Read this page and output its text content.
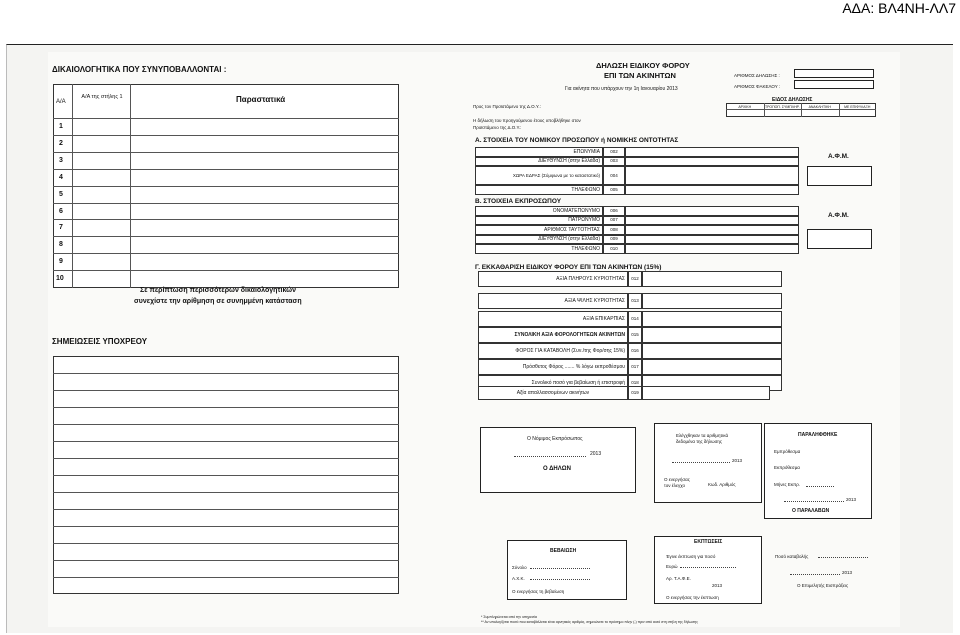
ΑΔΑ: ΒΛ4ΝΗ-ΛΛ7
ΔΙΚΑΙΟΛΟΓΗΤΙΚΑ ΠΟΥ ΣΥΝΥΠΟΒΑΛΛΟΝΤΑΙ :
Α/Α
Α/Α της στήλης 1	Παραστατικά
1
2
3
4
5
6
7
8
9
10
Σε περίπτωση περισσότερων δικαιολογητικών
συνεχίστε την αρίθμηση σε συνημμένη κατάσταση
ΣΗΜΕΙΩΣΕΙΣ ΥΠΟΧΡΕΟΥ
ΔΗΛΩΣΗ ΕΙΔΙΚΟΥ ΦΟΡΟΥ
ΕΠΙ ΤΩΝ ΑΚΙΝΗΤΩΝ
Για ακίνητα που υπάρχουν την 1η Ιανουαρίου 2013
ΑΡΙΘΜΟΣ ΔΗΛΩΣΗΣ :
ΑΡΙΘΜΟΣ ΦΑΚΕΛΟΥ :
Προς τον Προϊστάμενο της Δ.Ο.Υ.:
Η δήλωση του προηγούμενου έτους υποβλήθηκε στον
Προϊστάμενο της Δ.Ο.Υ.:
ΕΙΔΟΣ ΔΗΛΩΣΗΣ
ΑΡΧΙΚΗ	ΤΡΟΠΟΠ. ΣΥΜΠΛΗΡ.	ΑΝΑΚΛΗΤΙΚΗ	ΜΕ ΕΠΙΦΥΛΑΞΗ
Α. ΣΤΟΙΧΕΙΑ ΤΟΥ ΝΟΜΙΚΟΥ ΠΡΟΣΩΠΟΥ ή ΝΟΜΙΚΗΣ ΟΝΤΟΤΗΤΑΣ
ΕΠΩΝΥΜΙΑ	002
ΔΙΕΥΘΥΝΣΗ (στην Ελλάδα)	003
ΧΩΡΑ ΕΔΡΑΣ (Σύμφωνα με το καταστατικό)	004
ΤΗΛΕΦΩΝΟ	005
Α.Φ.Μ.
Β. ΣΤΟΙΧΕΙΑ ΕΚΠΡΟΣΩΠΟΥ
ΟΝΟΜΑΤΕΠΩΝΥΜΟ	006
ΠΑΤΡΩΝΥΜΟ	007
ΑΡΙΘΜΟΣ ΤΑΥΤΟΤΗΤΑΣ	008
ΔΙΕΥΘΥΝΣΗ (στην Ελλάδα)	009
ΤΗΛΕΦΩΝΟ	010
Α.Φ.Μ.
Γ. ΕΚΚΑΘΑΡΙΣΗ ΕΙΔΙΚΟΥ ΦΟΡΟΥ ΕΠΙ ΤΩΝ ΑΚΙΝΗΤΩΝ (15%)
ΑΞΙΑ ΠΛΗΡΟΥΣ ΚΥΡΙΟΤΗΤΑΣ	012
ΑΞΙΑ ΨΙΛΗΣ ΚΥΡΙΟΤΗΤΑΣ	013
ΑΞΙΑ ΕΠΙΚΑΡΠΙΑΣ	014
ΣΥΝΟΛΙΚΗ ΑΞΙΑ ΦΟΡΟΛΟΓΗΤΕΩΝ ΑΚΙΝΗΤΩΝ	015
ΦΟΡΟΣ ΓΙΑ ΚΑΤΑΒΟΛΗ (Συν./της Φορ/σης 15%)	016
Πρόσθετος Φόρος ....... % λόγω εκπροθέσμου	017
Συνολικό ποσό για βεβαίωση ή επιστροφή	018
Αξία απαλλασσομένων ακινήτων	019
Ο Νόμιμος Εκπρόσωπος
2013
Ο ΔΗΛΩΝ
Ελέγχθηκαν τα αριθμητικά
δεδομένα της δήλωσης
2013
Ο ενεργήσας
τον έλεγχο	Κωδ. Αριθμός
ΠΑΡΑΛΗΦΘΗΚΕ
Εμπρόθεσμα
Εκπρόθεσμα
Μήνες Εκπρ.
2013
Ο ΠΑΡΑΛΑΒΩΝ
ΒΕΒΑΙΩΣΗ
Σύνολο
Α.Χ.Κ.
Ο ενεργήσας τη βεβαίωση
ΕΚΠΤΩΣΕΙΣ
Έγινε έκπτωση για ποσό
Ευρώ
Αρ. Τ.Α.Φ.Ε.
2013
Ο ενεργήσας την έκπτωση
Ποσό καταβολής
2013
Ο Επιμελητής Εισπράξεις
* Συμπληρώνεται από την υπηρεσία
** Αν υπολογίζεται ποσό που καταβάλλεται είναι αρνητικός αριθμός, σημειώνετε το πρόσημο πλην (-) πριν από αυτό στη στήλη της δήλωσης
